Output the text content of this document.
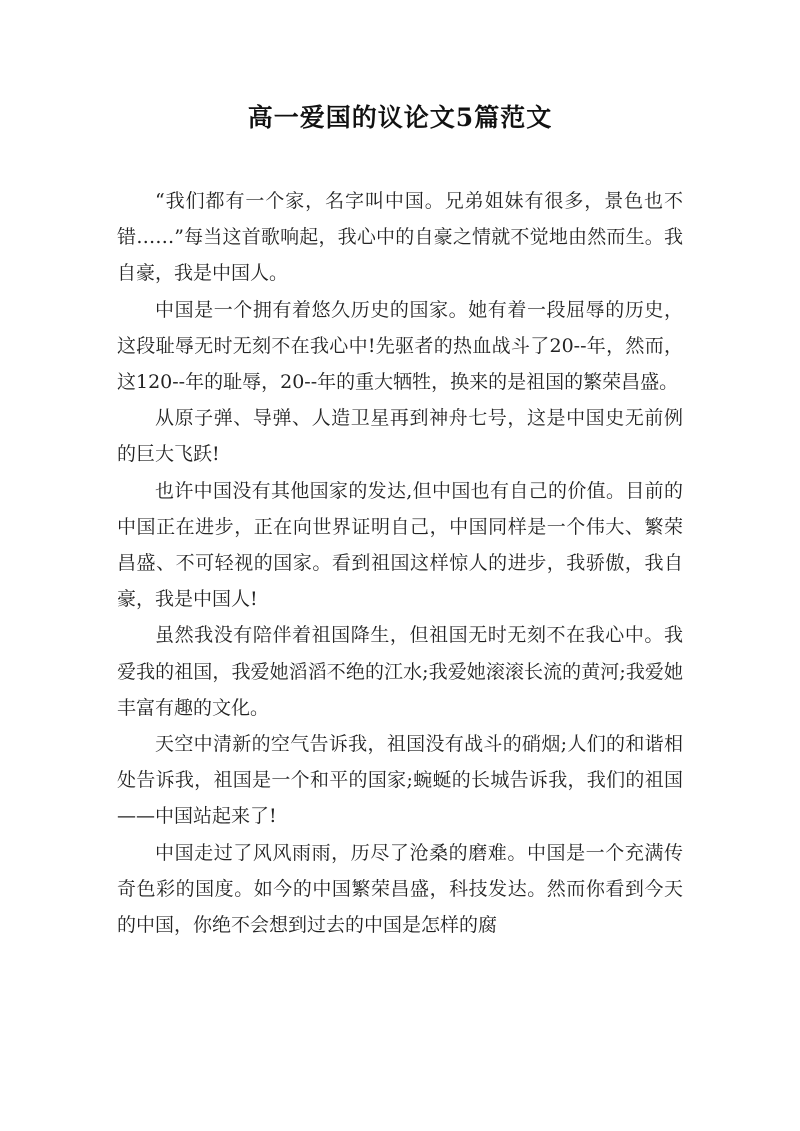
高一爱国的议论文5篇范文

“我们都有一个家，名字叫中国。兄弟姐妹有很多，景色也不错……”每当这首歌响起，我心中的自豪之情就不觉地由然而生。我自豪，我是中国人。

中国是一个拥有着悠久历史的国家。她有着一段屈辱的历史，这段耻辱无时无刻不在我心中!先驱者的热血战斗了20--年，然而，这120--年的耻辱，20--年的重大牺牲，换来的是祖国的繁荣昌盛。

从原子弹、导弹、人造卫星再到神舟七号，这是中国史无前例的巨大飞跃!

也许中国没有其他国家的发达,但中国也有自己的价值。目前的中国正在进步，正在向世界证明自己，中国同样是一个伟大、繁荣昌盛、不可轻视的国家。看到祖国这样惊人的进步，我骄傲，我自豪，我是中国人!

虽然我没有陪伴着祖国降生，但祖国无时无刻不在我心中。我爱我的祖国，我爱她滔滔不绝的江水;我爱她滚滚长流的黄河;我爱她丰富有趣的文化。

天空中清新的空气告诉我，祖国没有战斗的硝烟;人们的和谐相处告诉我，祖国是一个和平的国家;蜿蜒的长城告诉我，我们的祖国——中国站起来了!

中国走过了风风雨雨，历尽了沧桑的磨难。中国是一个充满传奇色彩的国度。如今的中国繁荣昌盛，科技发达。然而你看到今天的中国，你绝不会想到过去的中国是怎样的腐
